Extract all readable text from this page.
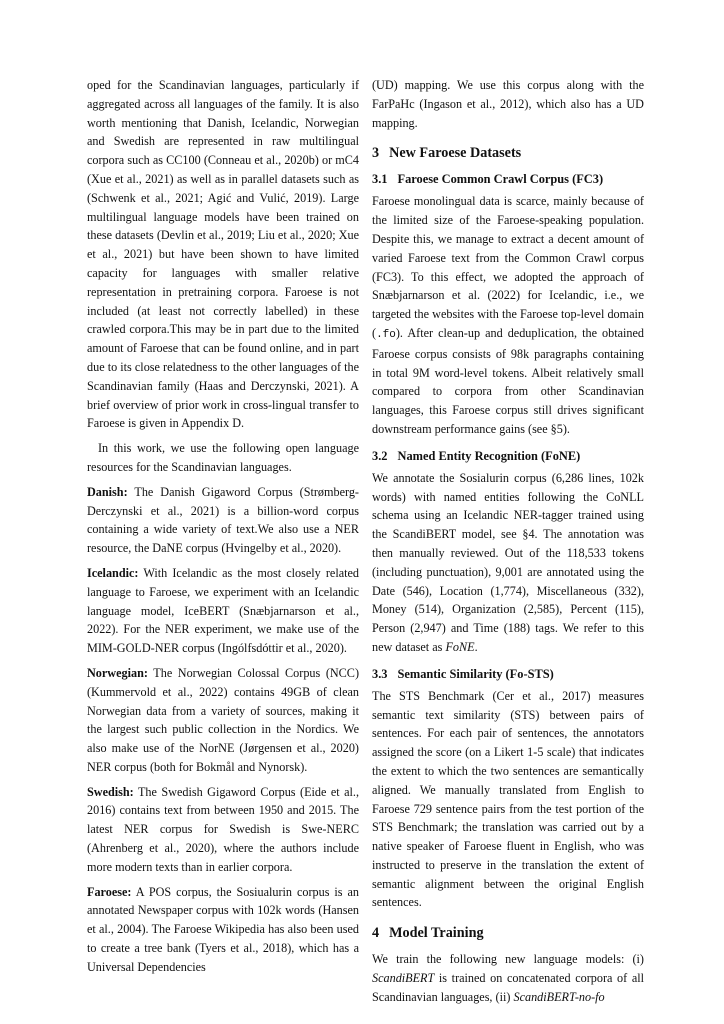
oped for the Scandinavian languages, particularly if aggregated across all languages of the family. It is also worth mentioning that Danish, Icelandic, Norwegian and Swedish are represented in raw multilingual corpora such as CC100 (Conneau et al., 2020b) or mC4 (Xue et al., 2021) as well as in parallel datasets such as (Schwenk et al., 2021; Agić and Vulić, 2019). Large multilingual language models have been trained on these datasets (Devlin et al., 2019; Liu et al., 2020; Xue et al., 2021) but have been shown to have limited capacity for languages with smaller relative representation in pretraining corpora. Faroese is not included (at least not correctly labelled) in these crawled corpora.This may be in part due to the limited amount of Faroese that can be found online, and in part due to its close relatedness to the other languages of the Scandinavian family (Haas and Derczynski, 2021). A brief overview of prior work in cross-lingual transfer to Faroese is given in Appendix D.

In this work, we use the following open language resources for the Scandinavian languages.

Danish: The Danish Gigaword Corpus (Strømberg-Derczynski et al., 2021) is a billion-word corpus containing a wide variety of text.We also use a NER resource, the DaNE corpus (Hvingelby et al., 2020).

Icelandic: With Icelandic as the most closely related language to Faroese, we experiment with an Icelandic language model, IceBERT (Snæbjarnarson et al., 2022). For the NER experiment, we make use of the MIM-GOLD-NER corpus (Ingólfsdóttir et al., 2020).

Norwegian: The Norwegian Colossal Corpus (NCC) (Kummervold et al., 2022) contains 49GB of clean Norwegian data from a variety of sources, making it the largest such public collection in the Nordics. We also make use of the NorNE (Jørgensen et al., 2020) NER corpus (both for Bokmål and Nynorsk).

Swedish: The Swedish Gigaword Corpus (Eide et al., 2016) contains text from between 1950 and 2015. The latest NER corpus for Swedish is Swe-NERC (Ahrenberg et al., 2020), where the authors include more modern texts than in earlier corpora.

Faroese: A POS corpus, the Sosiualurin corpus is an annotated Newspaper corpus with 102k words (Hansen et al., 2004). The Faroese Wikipedia has also been used to create a tree bank (Tyers et al., 2018), which has a Universal Dependencies

(UD) mapping. We use this corpus along with the FarPaHc (Ingason et al., 2012), which also has a UD mapping.

3 New Faroese Datasets
3.1 Faroese Common Crawl Corpus (FC3)

Faroese monolingual data is scarce, mainly because of the limited size of the Faroese-speaking population. Despite this, we manage to extract a decent amount of varied Faroese text from the Common Crawl corpus (FC3). To this effect, we adopted the approach of Snæbjarnarson et al. (2022) for Icelandic, i.e., we targeted the websites with the Faroese top-level domain (.fo). After clean-up and deduplication, the obtained Faroese corpus consists of 98k paragraphs containing in total 9M word-level tokens. Albeit relatively small compared to corpora from other Scandinavian languages, this Faroese corpus still drives significant downstream performance gains (see §5).

3.2 Named Entity Recognition (FoNE)

We annotate the Sosialurin corpus (6,286 lines, 102k words) with named entities following the CoNLL schema using an Icelandic NER-tagger trained using the ScandiBERT model, see §4. The annotation was then manually reviewed. Out of the 118,533 tokens (including punctuation), 9,001 are annotated using the Date (546), Location (1,774), Miscellaneous (332), Money (514), Organization (2,585), Percent (115), Person (2,947) and Time (188) tags. We refer to this new dataset as FoNE.

3.3 Semantic Similarity (Fo-STS)

The STS Benchmark (Cer et al., 2017) measures semantic text similarity (STS) between pairs of sentences. For each pair of sentences, the annotators assigned the score (on a Likert 1-5 scale) that indicates the extent to which the two sentences are semantically aligned. We manually translated from English to Faroese 729 sentence pairs from the test portion of the STS Benchmark; the translation was carried out by a native speaker of Faroese fluent in English, who was instructed to preserve in the translation the extent of semantic alignment between the original English sentences.

4 Model Training

We train the following new language models: (i) ScandiBERT is trained on concatenated corpora of all Scandinavian languages, (ii) ScandiBERT-no-fo
